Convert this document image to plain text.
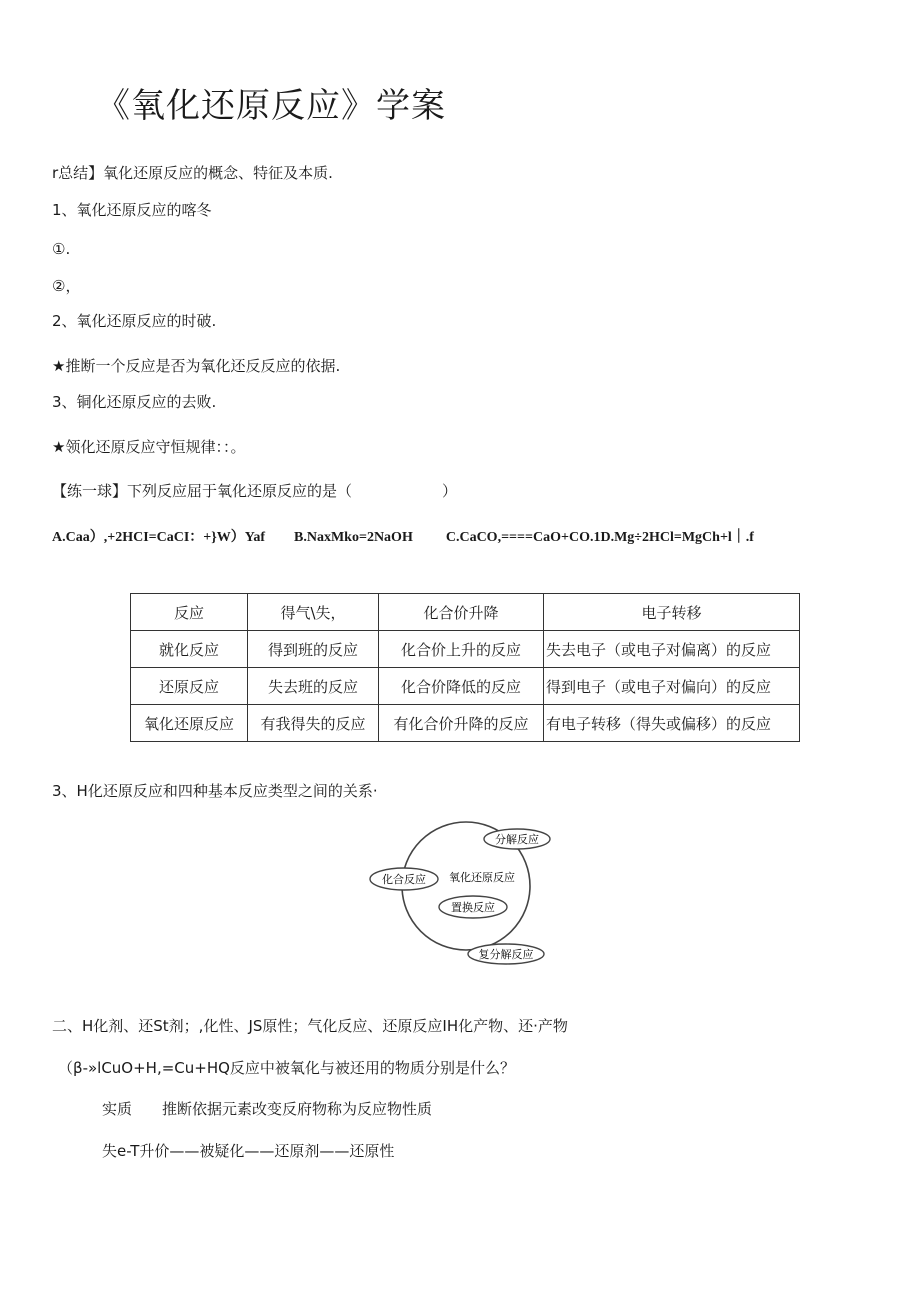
《氧化还原反应》学案
r总结】氧化还原反应的概念、特征及本质.
1、氧化还原反应的喀冬
①.
②，
2、氧化还原反应的时破.
★推断一个反应是否为氧化还反反应的依据.
3、铜化还原反应的去败.
★领化还原反应守恒规律：：。
【练一球】下列反应屈于氧化还原反应的是（　　　　　　）
A.Caa）,+2HCI=CaCI：+}W）Yaf B.NaxMko=2NaOH C.CaCO,====CaO+CO.1D.Mg÷2HCl=MgCh+l｜.f
反应	得气\失，	化合价升降	电子转移
就化反应	得到班的反应	化合价上升的反应	失去电子（或电子对偏离）的反应
还原反应	失去班的反应	化合价降低的反应	得到电子（或电子对偏向）的反应
氧化还原反应	有我得失的反应	有化合价升降的反应	有电子转移（得失或偏移）的反应
3、H化还原反应和四种基本反应类型之间的关系·
分解反应
化合反应 氧化还原反应
置换反应
复分解反应
二、H化剂、还St剂；,化性、JS原性；气化反应、还原反应IH化产物、还·产物
（β-»lCuO+H,=Cu+HQ反应中被氧化与被还用的物质分别是什么？
实质 推断依据元素改变反府物称为反应物性质
失e-T升价——被疑化——还原剂——还原性
